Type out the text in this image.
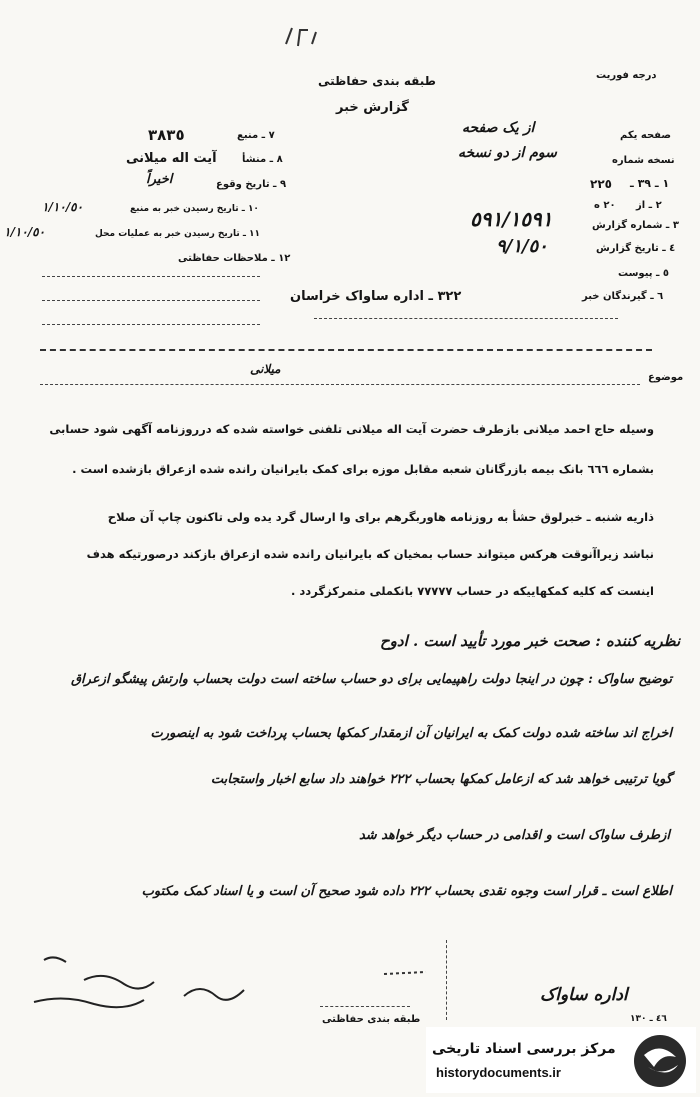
طبقه بندی حفاظتی
گزارش خبر
درجه فوریت
٧ ـ منبع
٣٨٣٥
٨ ـ منشأ
آیت اله میلانی
٩ ـ تاریخ وقوع
اخیراً
١٠ ـ تاریخ رسیدن خبر به منبع
١/١٠/٥٠
١١ ـ تاریخ رسیدن خبر به عملیات محل
١/١٠/٥٠
١٢ ـ ملاحظات حفاظتی
صفحه یکم
از یک صفحه
نسخه شماره
سوم از دو نسخه
١ ـ ٣٩ ـ
٢٢٥
٢ ـ از
٢٠ ه
٣ ـ شماره گزارش
٥٩١/١٥٩١
٤ ـ تاریخ گزارش
٩/١/٥٠
٥ ـ پیوست
٦ ـ گیرندگان خبر
٣٢٢ ـ اداره ساواک خراسان
موضوع
میلانی
وسیله حاج احمد میلانی بازطرف حضرت آیت اله میلانی تلفنی خواسته شده که درروزنامه آگهی شود حسابی
بشماره ٦٦٦ بانک بیمه بازرگانان شعبه مقابل موزه برای کمک بایرانیان رانده شده ازعراق بازشده است .
ذاریه شنبه ـ خبرلوق حشأ به روزنامه هاوربگرهم برای وا ارسال گرد یده ولی تاکنون چاپ آن صلاح
نباشد زیراآنوقت هرکس میتواند حساب بمخیان که بایرانیان رانده شده ازعراق بازکند درصورتیکه هدف
اینست که کلیه کمکهاییکه در حساب ٧٧٧٧٧ بانکملی متمرکزگردد .
نظریه کننده : صحت خبر مورد تأیید است . ادوح
توضیح ساواک : چون در اینجا دولت راهپیمایی برای دو حساب ساخته است دولت بحساب وارتش پیشگو ازعراق
اخراج اند ساخته شده دولت کمک به ایرانیان آن ازمقدار کمکها بحساب پرداخت شود به اینصورت
گویا ترتیبی خواهد شد که ازعامل کمکها بحساب ٢٢٢ خواهند داد سابع اخبار واستجابت
ازطرف ساواک است و اقدامی در حساب دیگر خواهد شد
اطلاع است ـ قرار است وجوه نقدی بحساب ٢٢٢ داده شود صحیح آن است و یا اسناد کمک مکتوب
اداره ساواک
طبقه بندی حفاظتی	٤٦ ـ ١٣٠
مرکز بررسی اسناد تاریخی
historydocuments.ir
